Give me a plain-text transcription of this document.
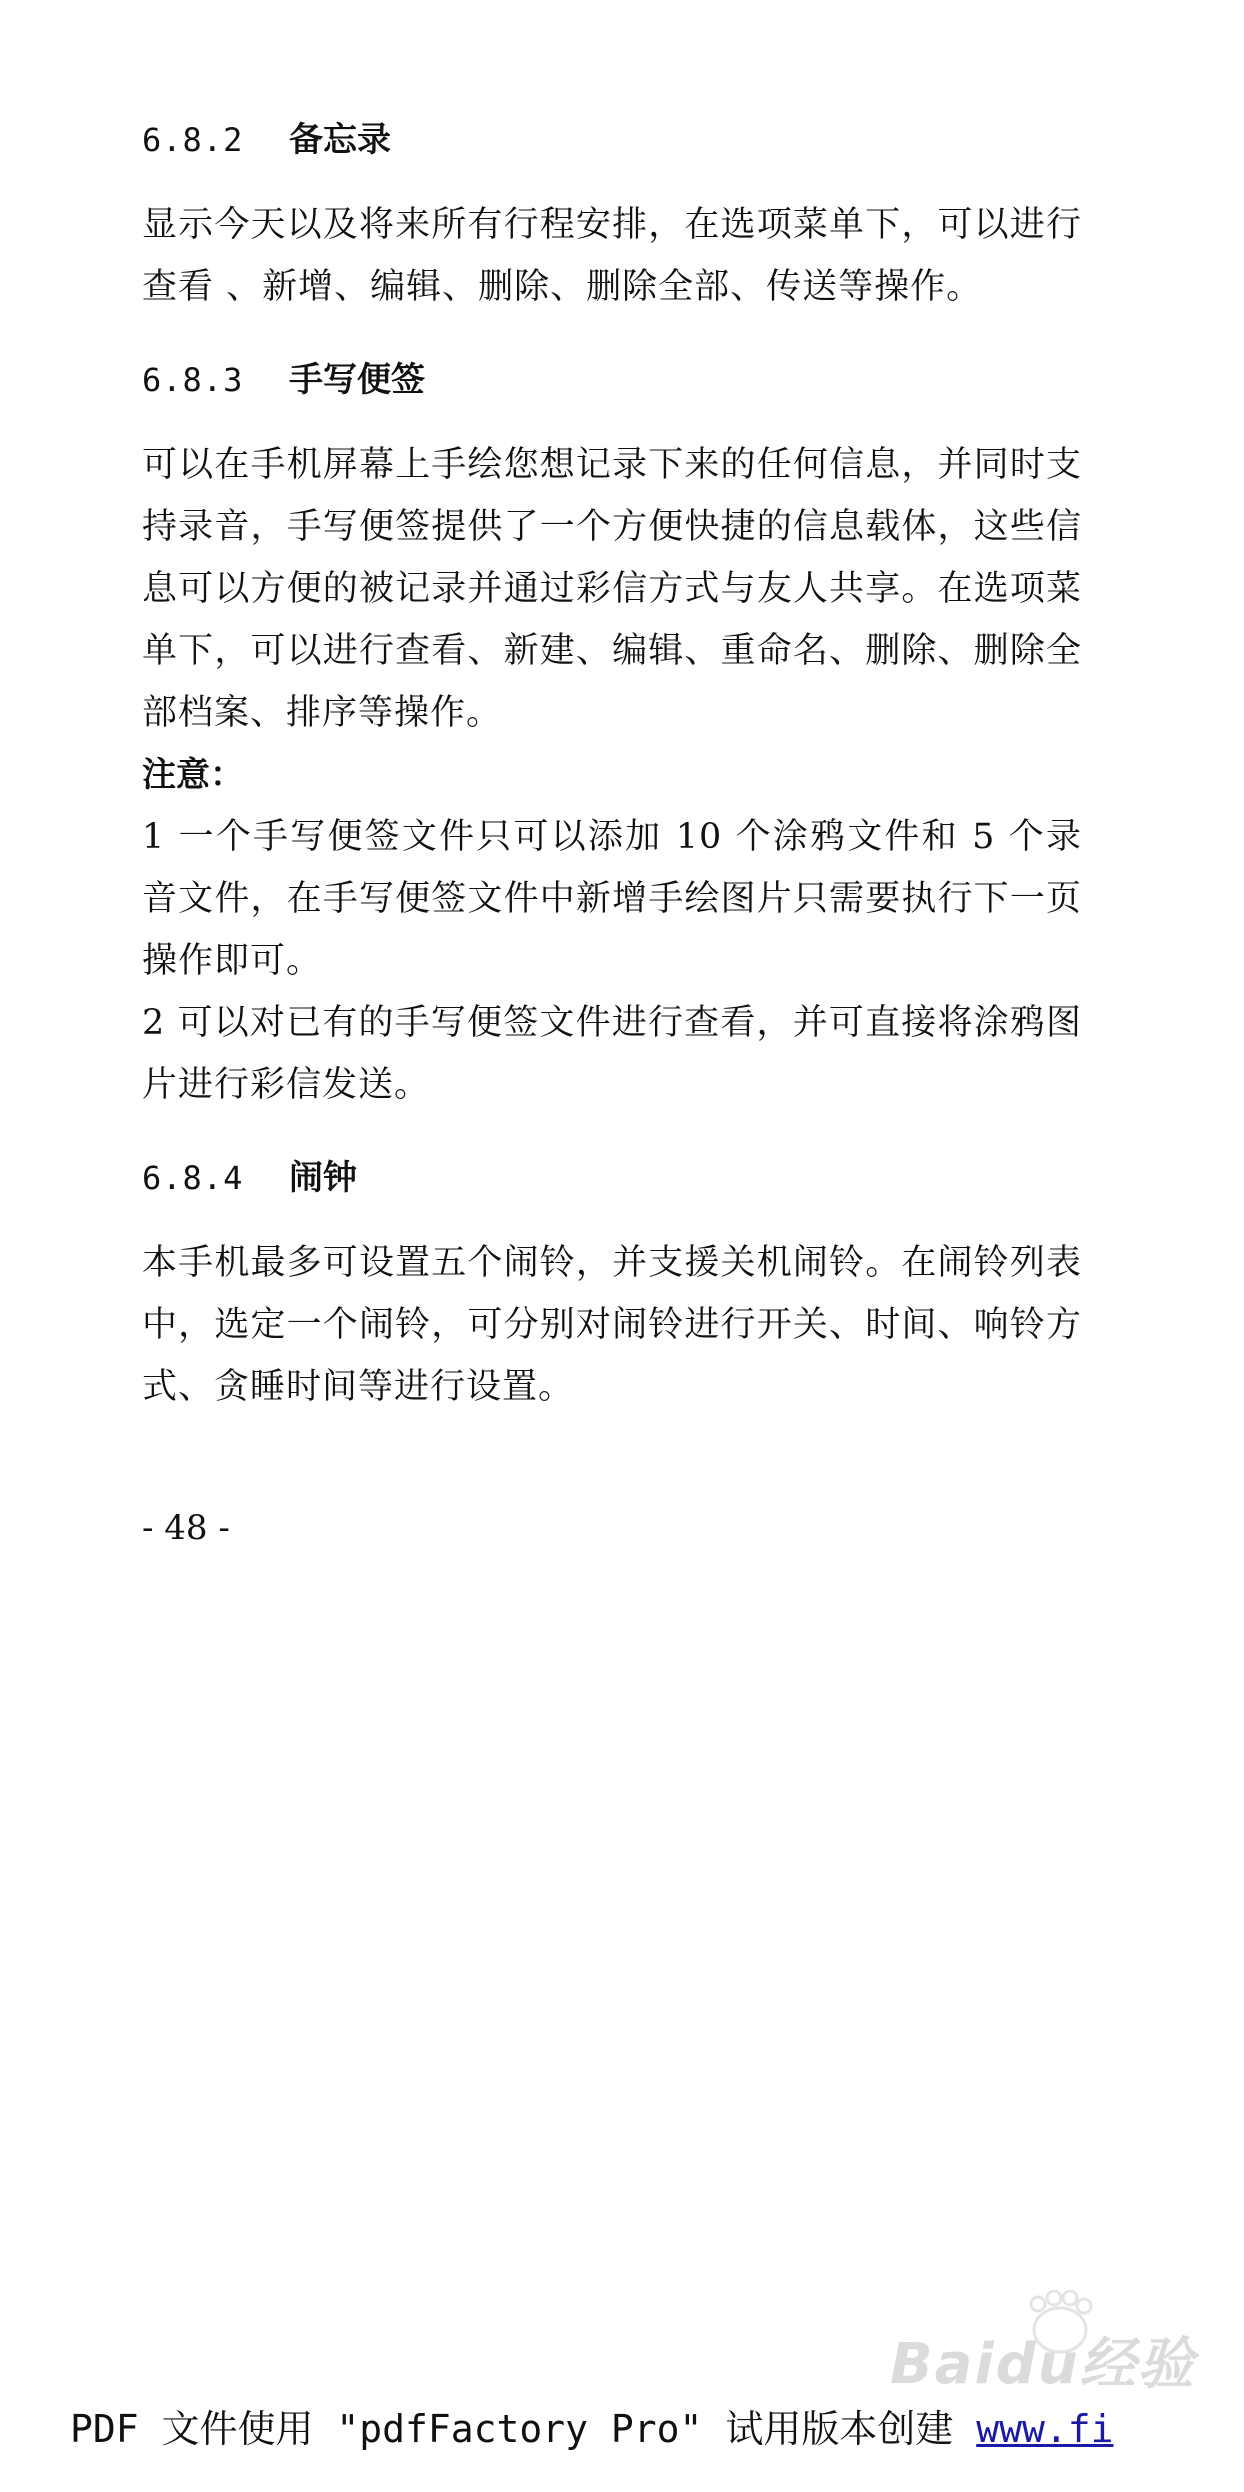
6.8.2	备忘录

显示今天以及将来所有行程安排，在选项菜单下，可以进行查看 、新增、编辑、删除、删除全部、传送等操作。

6.8.3	手写便签

可以在手机屏幕上手绘您想记录下来的任何信息，并同时支持录音，手写便签提供了一个方便快捷的信息载体，这些信息可以方便的被记录并通过彩信方式与友人共享。在选项菜单下，可以进行查看、新建、编辑、重命名、删除、删除全部档案、排序等操作。

注意：

1 一个手写便签文件只可以添加 10 个涂鸦文件和 5 个录音文件，在手写便签文件中新增手绘图片只需要执行下一页操作即可。

2 可以对已有的手写便签文件进行查看，并可直接将涂鸦图片进行彩信发送。

6.8.4	闹钟

本手机最多可设置五个闹铃，并支援关机闹铃。在闹铃列表中，选定一个闹铃，可分别对闹铃进行开关、时间、响铃方式、贪睡时间等进行设置。

- 48 -
Baidu经验
PDF 文件使用 "pdfFactory Pro" 试用版本创建 www.fi
